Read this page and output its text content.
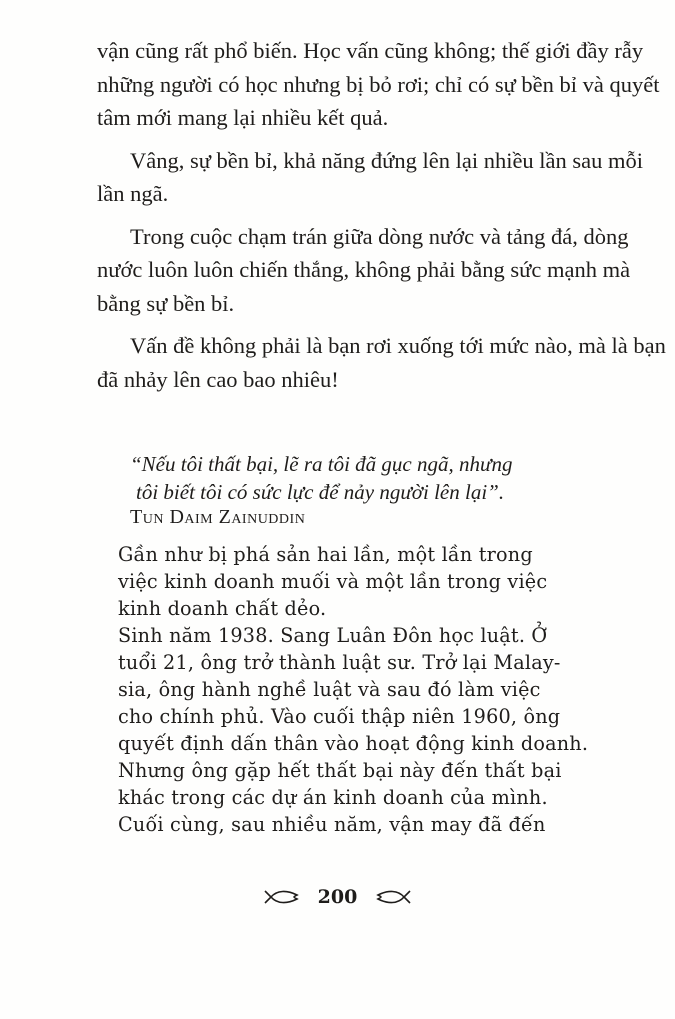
vận cũng rất phổ biến. Học vấn cũng không; thế giới đầy rẫy những người có học nhưng bị bỏ rơi; chỉ có sự bền bỉ và quyết tâm mới mang lại nhiều kết quả.

Vâng, sự bền bỉ, khả năng đứng lên lại nhiều lần sau mỗi lần ngã.

Trong cuộc chạm trán giữa dòng nước và tảng đá, dòng nước luôn luôn chiến thắng, không phải bằng sức mạnh mà bằng sự bền bỉ.

Vấn đề không phải là bạn rơi xuống tới mức nào, mà là bạn đã nhảy lên cao bao nhiêu!

“Nếu tôi thất bại, lẽ ra tôi đã gục ngã, nhưng
tôi biết tôi có sức lực để nảy người lên lại”.
Tun Daim Zainuddin
Gần như bị phá sản hai lần, một lần trong
việc kinh doanh muối và một lần trong việc
kinh doanh chất dẻo.
Sinh năm 1938. Sang Luân Đôn học luật. Ở
tuổi 21, ông trở thành luật sư. Trở lại Malay-
sia, ông hành nghề luật và sau đó làm việc
cho chính phủ. Vào cuối thập niên 1960, ông
quyết định dấn thân vào hoạt động kinh doanh.
Nhưng ông gặp hết thất bại này đến thất bại
khác trong các dự án kinh doanh của mình.
Cuối cùng, sau nhiều năm, vận may đã đến
200
